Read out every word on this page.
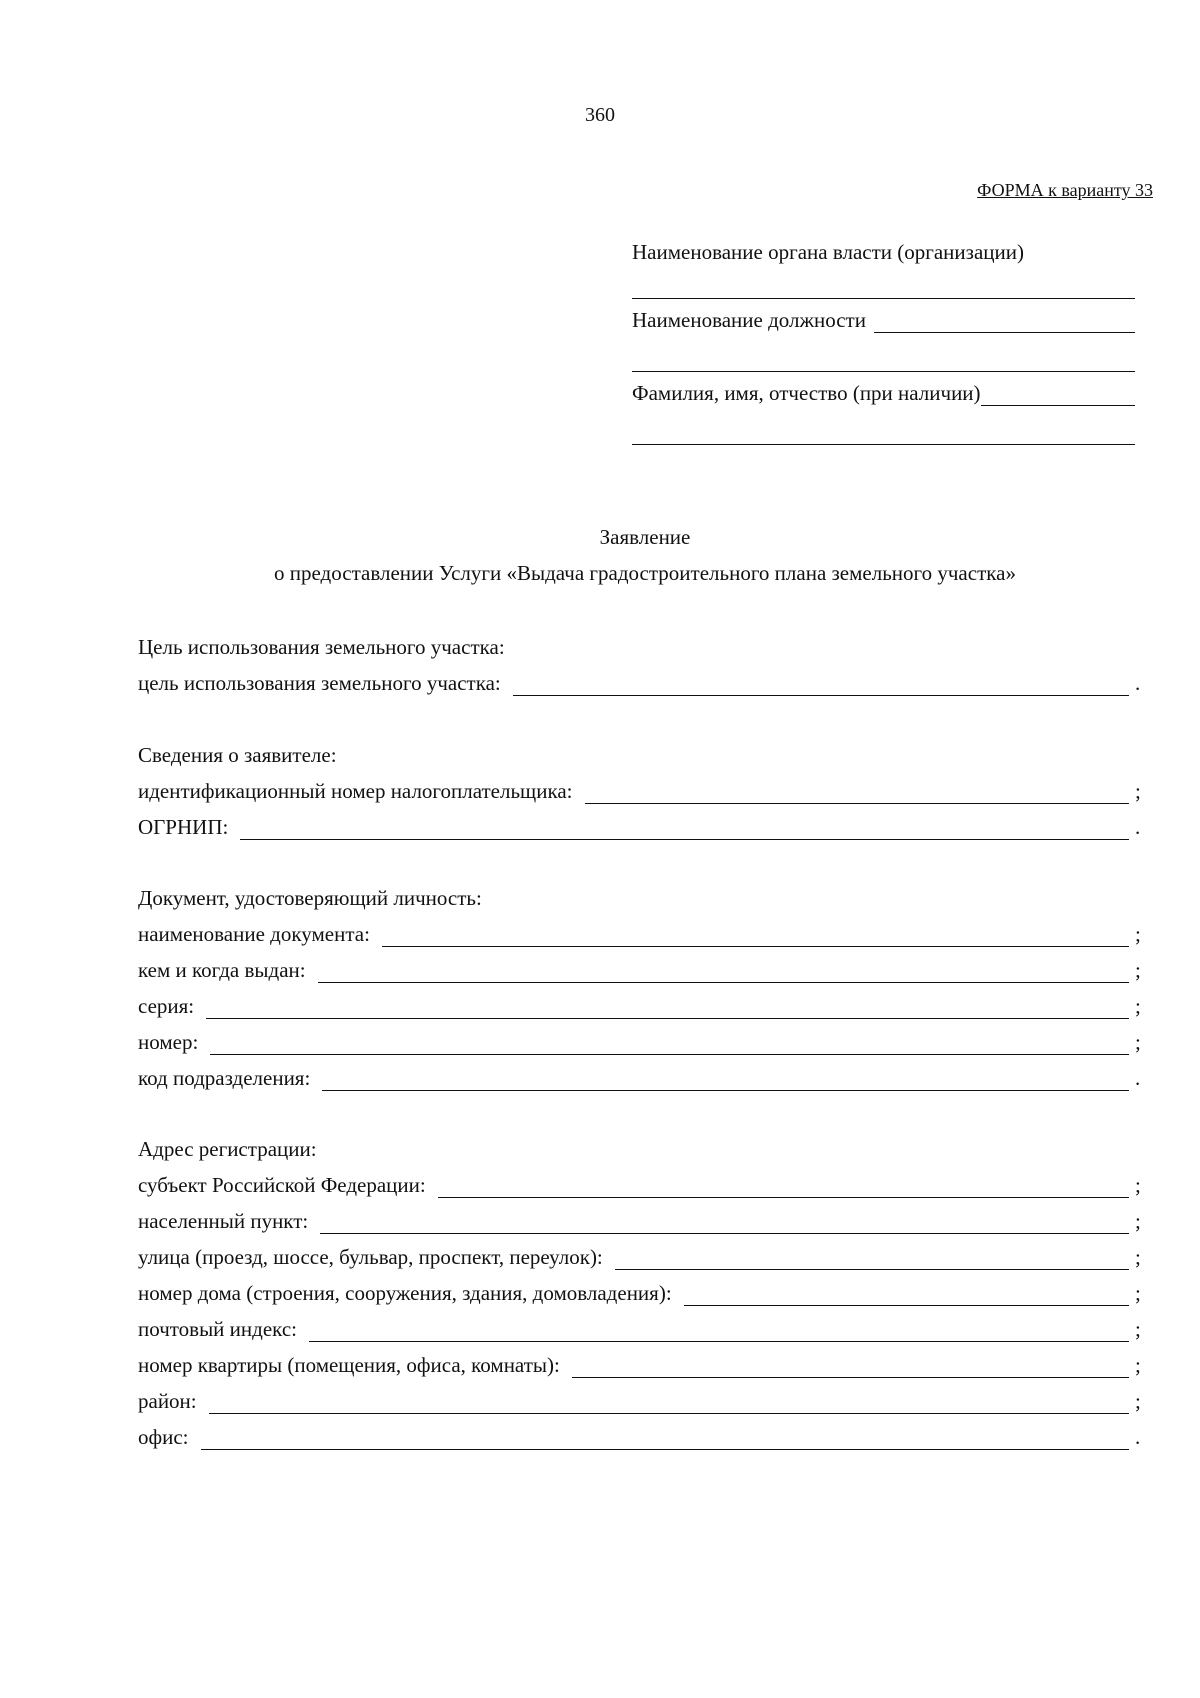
360
ФОРМА к варианту 33
Наименование органа власти (организации)
Наименование должности
Фамилия, имя, отчество (при наличии)
Заявление
о предоставлении Услуги «Выдача градостроительного плана земельного участка»
Цель использования земельного участка:
цель использования земельного участка:	.
Сведения о заявителе:
идентификационный номер налогоплательщика:	;
ОГРНИП:	.
Документ, удостоверяющий личность:
наименование документа:	;
кем и когда выдан:	;
серия:	;
номер:	;
код подразделения:	.
Адрес регистрации:
субъект Российской Федерации:	;
населенный пункт:	;
улица (проезд, шоссе, бульвар, проспект, переулок):	;
номер дома (строения, сооружения, здания, домовладения):	;
почтовый индекс:	;
номер квартиры (помещения, офиса, комнаты):	;
район:	;
офис:	.
